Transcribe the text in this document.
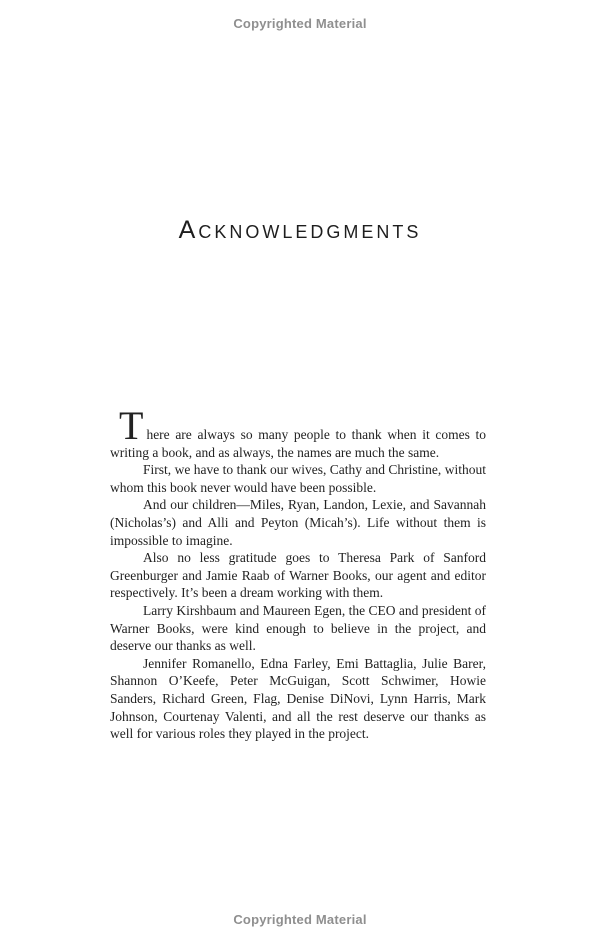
Copyrighted Material
ACKNOWLEDGMENTS

There are always so many people to thank when it comes to writing a book, and as always, the names are much the same.

First, we have to thank our wives, Cathy and Christine, without whom this book never would have been possible.

And our children—Miles, Ryan, Landon, Lexie, and Savannah (Nicholas’s) and Alli and Peyton (Micah’s). Life without them is impossible to imagine.

Also no less gratitude goes to Theresa Park of Sanford Greenburger and Jamie Raab of Warner Books, our agent and editor respectively. It’s been a dream working with them.

Larry Kirshbaum and Maureen Egen, the CEO and president of Warner Books, were kind enough to believe in the project, and deserve our thanks as well.

Jennifer Romanello, Edna Farley, Emi Battaglia, Julie Barer, Shannon O’Keefe, Peter McGuigan, Scott Schwimer, Howie Sanders, Richard Green, Flag, Denise DiNovi, Lynn Harris, Mark Johnson, Courtenay Valenti, and all the rest deserve our thanks as well for various roles they played in the project.

Copyrighted Material
